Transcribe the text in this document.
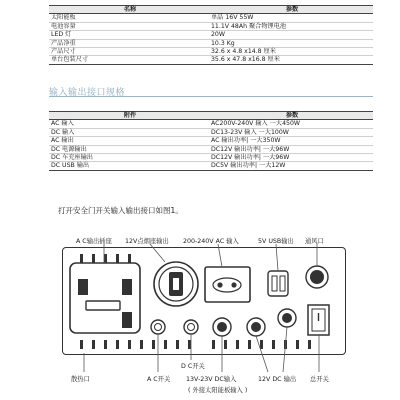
名称	参数
太阳能板	单晶 16V 55W
电池容量	11.1V 48Ah 聚合物锂电池
LED 灯	20W
产品净重	10.3 Kg
产品尺寸	32.6 x 4.8 x14.8 厘米
单台包装尺寸	35.6 x 47.8 x16.8 厘米
输入输出接口规格
附件	参数
AC 输入	AC200V-240V 输入 一大450W
DC 输入	DC13-23V 输入 一大100W
AC 输出	AC 输出功率| 一大350W
DC 电源输出	DC12V 输出功率| 一大96W
DC 车充座输出	DC12V 输出功率| 一大96W
DC USB 输出	DC5V 输出功率| 一大12W
打开安全门开关输入输出接口如图1。
A C输出插座 12V点烟座输出 200-240V AC 输入	5V USB输出 通风口
D C开关
散热口	A C开关 13V-23V DC输入
( 外接太阳能板输入 )
12V DC 输出 总开关
